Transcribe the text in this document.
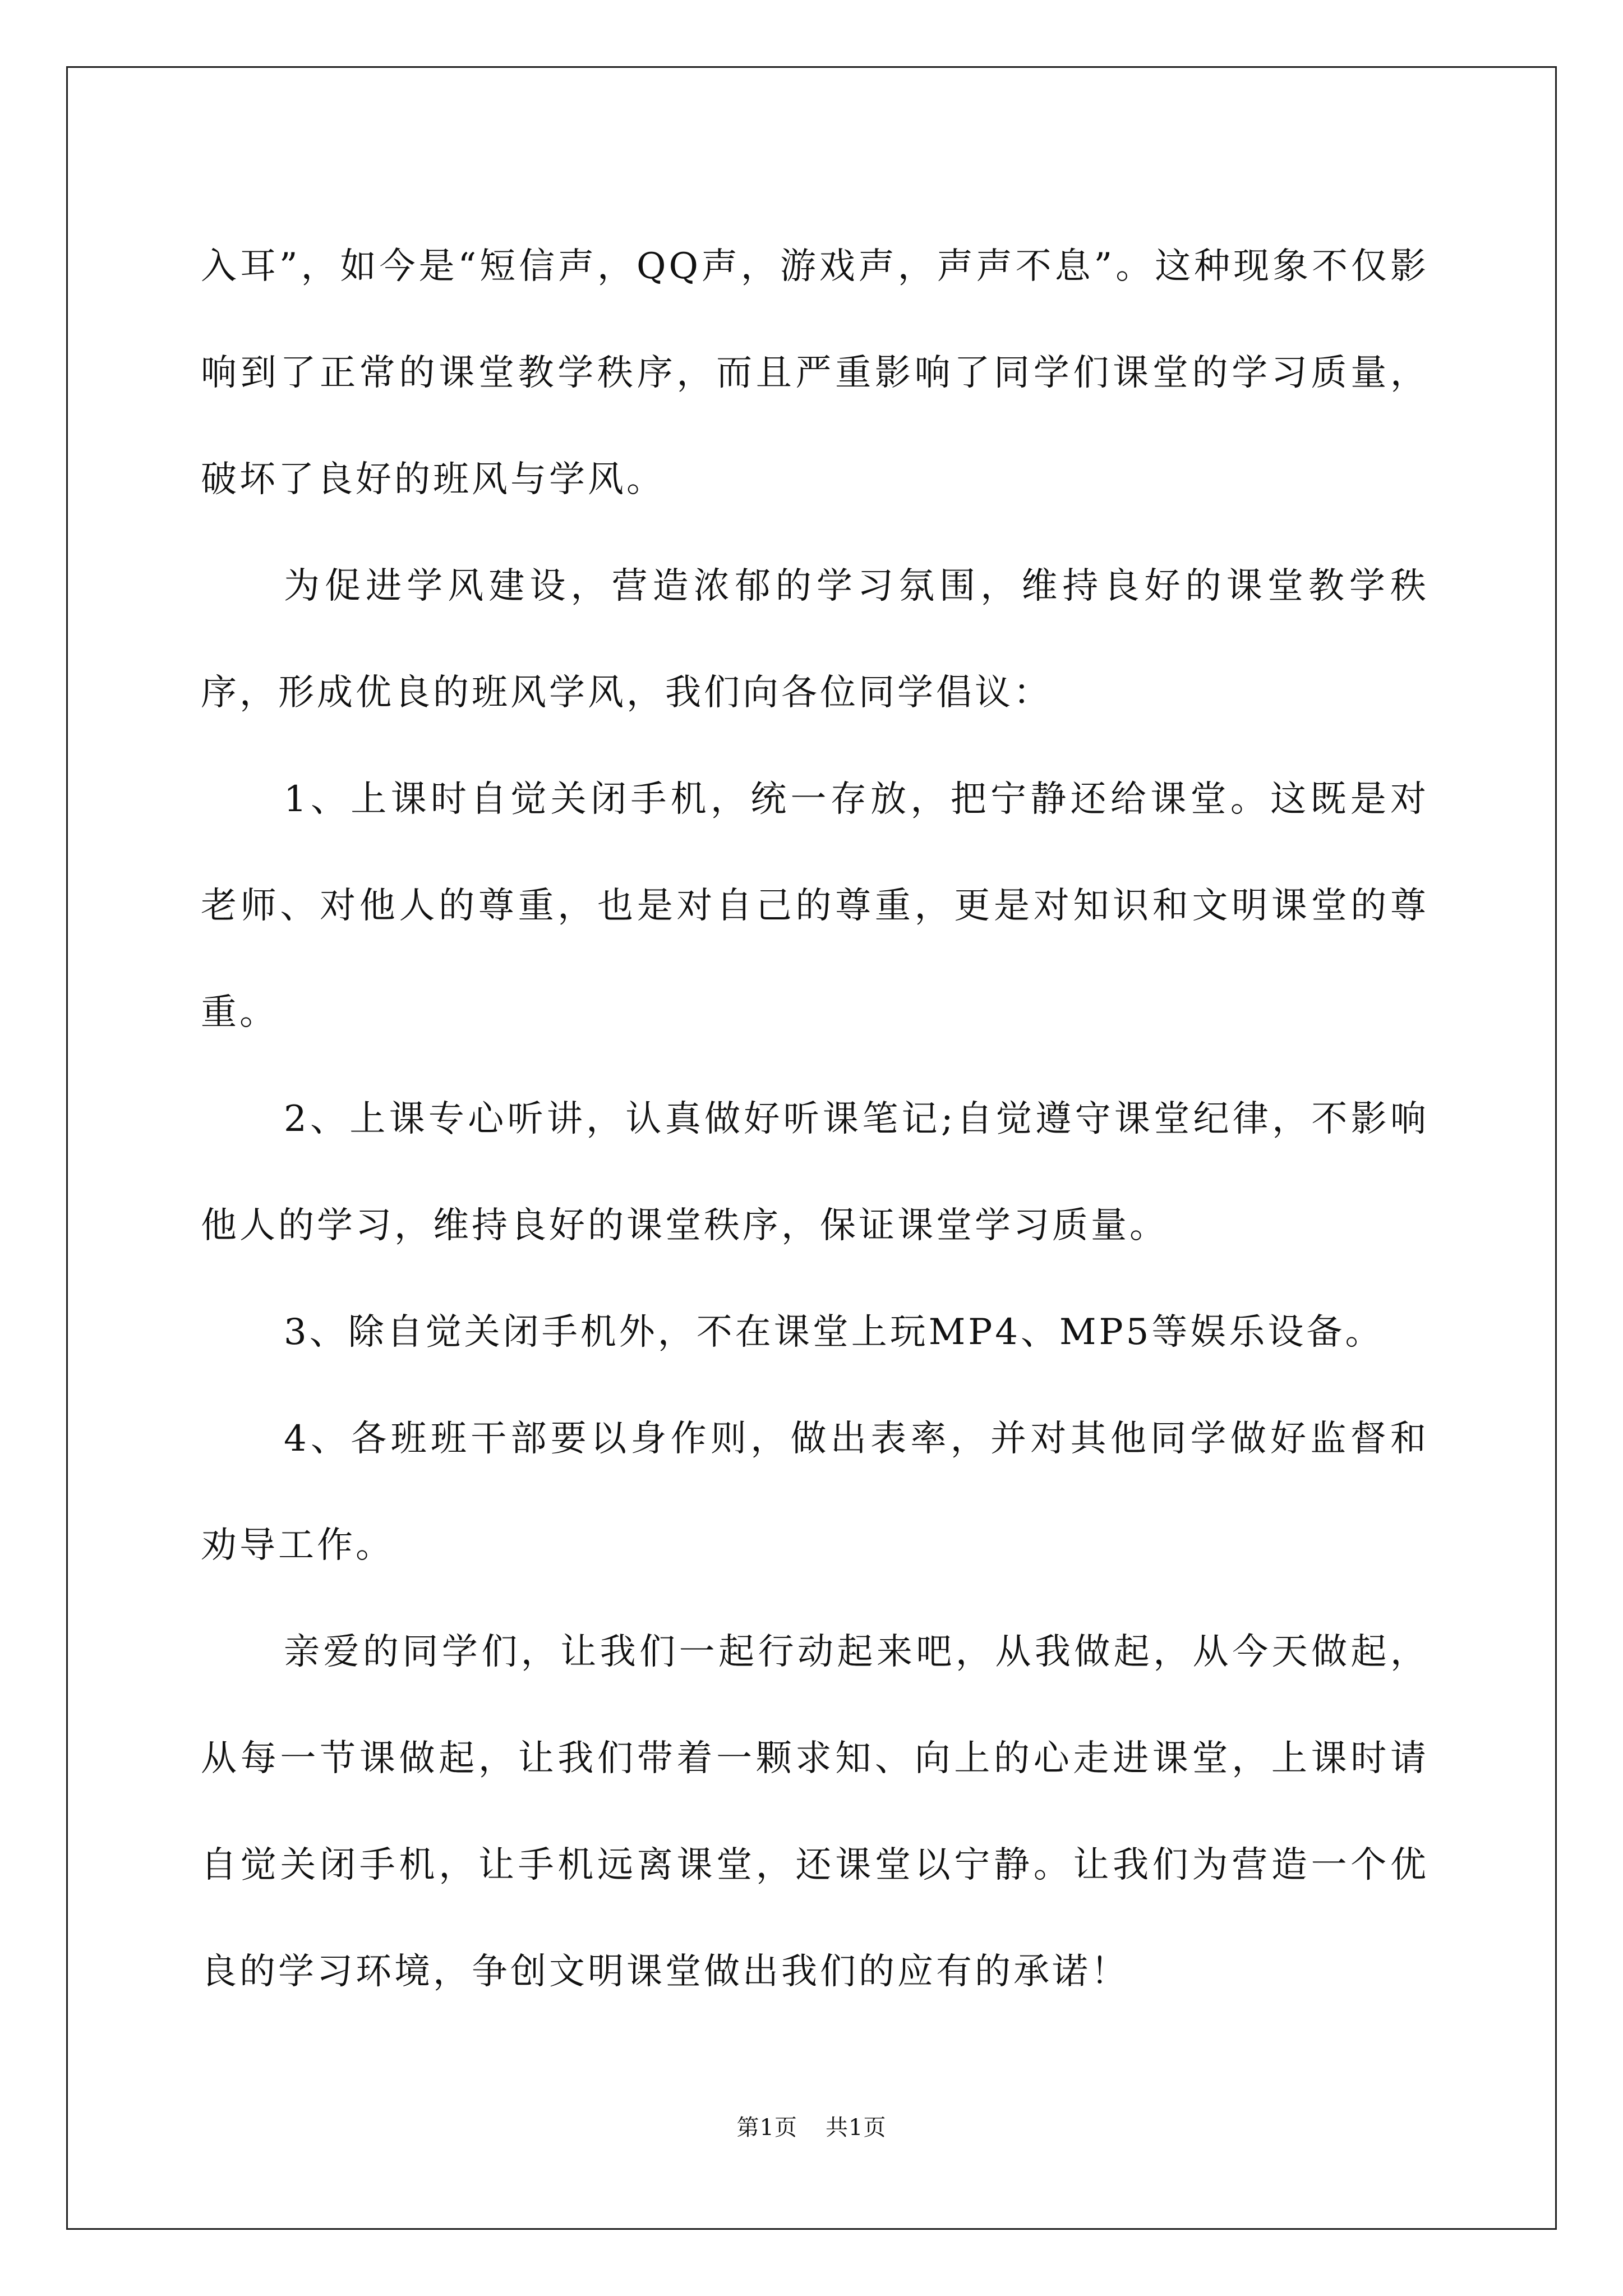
入耳”，如今是“短信声，QQ声，游戏声，声声不息”。这种现象不仅影响到了正常的课堂教学秩序，而且严重影响了同学们课堂的学习质量，破坏了良好的班风与学风。

为促进学风建设，营造浓郁的学习氛围，维持良好的课堂教学秩序，形成优良的班风学风，我们向各位同学倡议：

1、上课时自觉关闭手机，统一存放，把宁静还给课堂。这既是对老师、对他人的尊重，也是对自己的尊重，更是对知识和文明课堂的尊重。

2、上课专心听讲，认真做好听课笔记;自觉遵守课堂纪律，不影响他人的学习，维持良好的课堂秩序，保证课堂学习质量。

3、除自觉关闭手机外，不在课堂上玩MP4、MP5等娱乐设备。

4、各班班干部要以身作则，做出表率，并对其他同学做好监督和劝导工作。

亲爱的同学们，让我们一起行动起来吧，从我做起，从今天做起，从每一节课做起，让我们带着一颗求知、向上的心走进课堂，上课时请自觉关闭手机，让手机远离课堂，还课堂以宁静。让我们为营造一个优良的学习环境，争创文明课堂做出我们的应有的承诺！

第1页 共1页
